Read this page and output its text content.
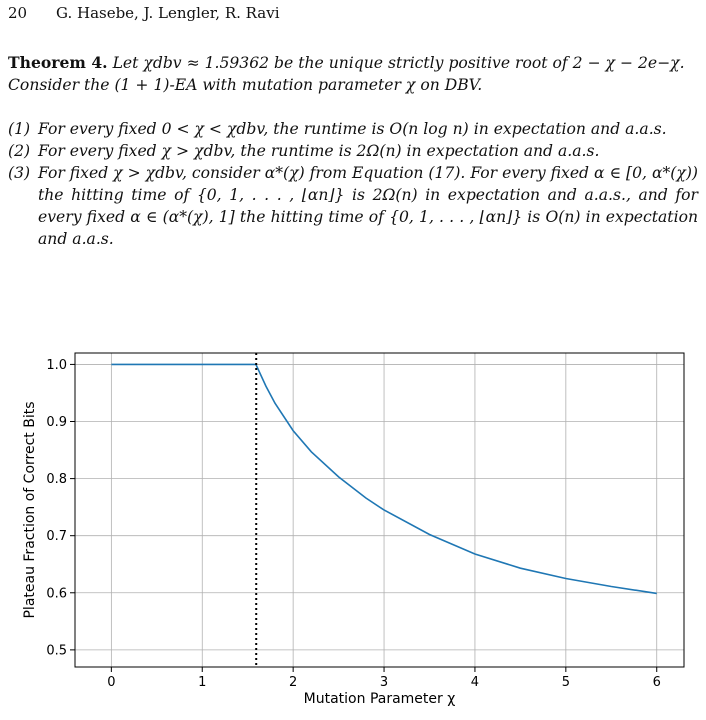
20 G. Hasebe, J. Lengler, R. Ravi
Theorem 4. Let χdbv ≈ 1.59362 be the unique strictly positive root of 2 − χ − 2e−χ.
Consider the (1 + 1)-EA with mutation parameter χ on DBV.
(1) For every fixed 0 < χ < χdbv, the runtime is O(n log n) in expectation and a.a.s.
(2) For every fixed χ > χdbv, the runtime is 2Ω(n) in expectation and a.a.s.
(3) For fixed χ > χdbv, consider α*(χ) from Equation (17). For every fixed α ∈ [0, α*(χ)) the hitting time of {0, 1, . . . , ⌊αn⌋} is 2Ω(n) in expectation and a.a.s., and for every fixed α ∈ (α*(χ), 1] the hitting time of {0, 1, . . . , ⌊αn⌋} is O(n) in expectation and a.a.s.
0	1	2	3	4	5	6
0.5
0.6
0.7
0.8
0.9
1.0
Mutation Parameter χ
Plateau Fraction of Correct Bits
